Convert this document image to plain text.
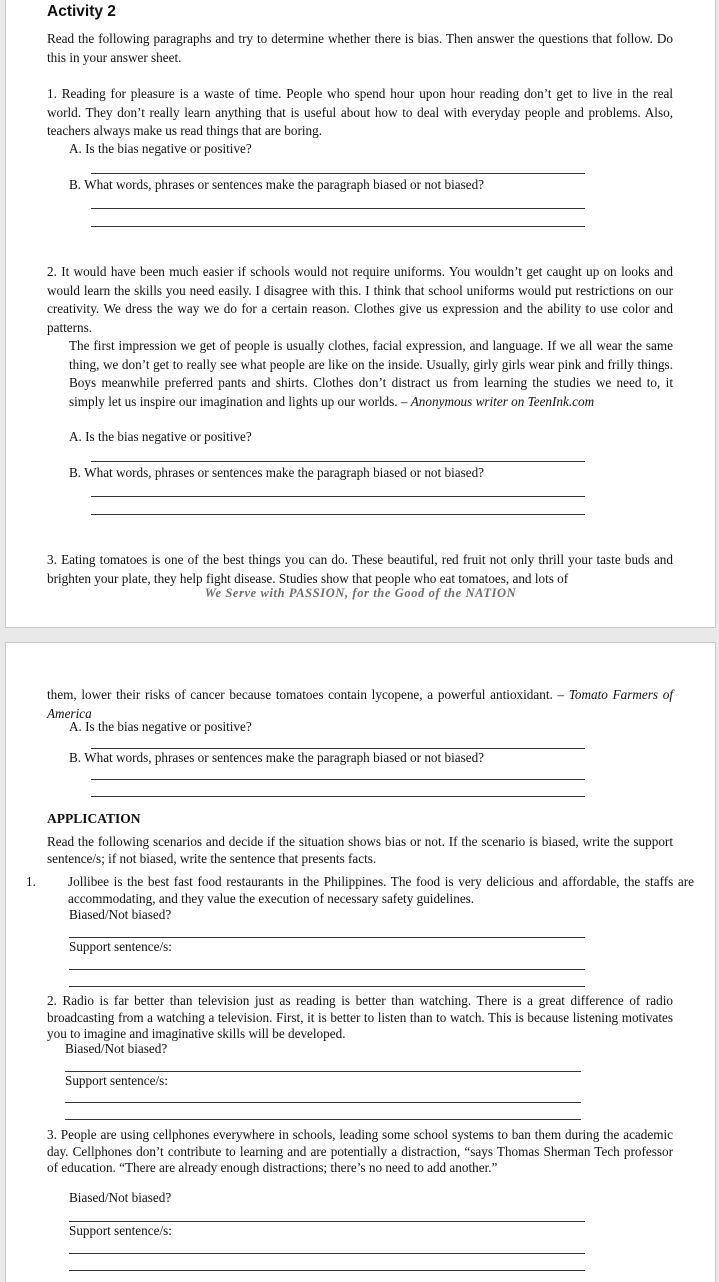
Activity 2
Read the following paragraphs and try to determine whether there is bias. Then answer the questions that follow. Do this in your answer sheet.
1. Reading for pleasure is a waste of time. People who spend hour upon hour reading don’t get to live in the real world. They don’t really learn anything that is useful about how to deal with everyday people and problems. Also, teachers always make us read things that are boring.
A. Is the bias negative or positive?
B. What words, phrases or sentences make the paragraph biased or not biased?
2. It would have been much easier if schools would not require uniforms. You wouldn’t get caught up on looks and would learn the skills you need easily. I disagree with this. I think that school uniforms would put restrictions on our creativity. We dress the way we do for a certain reason. Clothes give us expression and the ability to use color and patterns.
The first impression we get of people is usually clothes, facial expression, and language. If we all wear the same thing, we don’t get to really see what people are like on the inside. Usually, girly girls wear pink and frilly things. Boys meanwhile preferred pants and shirts. Clothes don’t distract us from learning the studies we need to, it simply let us inspire our imagination and lights up our worlds. – Anonymous writer on TeenInk.com
A. Is the bias negative or positive?
B. What words, phrases or sentences make the paragraph biased or not biased?
3. Eating tomatoes is one of the best things you can do. These beautiful, red fruit not only thrill your taste buds and brighten your plate, they help fight disease. Studies show that people who eat tomatoes, and lots of
We Serve with PASSION, for the Good of the NATION
them, lower their risks of cancer because tomatoes contain lycopene, a powerful antioxidant. – Tomato Farmers of America
A. Is the bias negative or positive?
B. What words, phrases or sentences make the paragraph biased or not biased?
APPLICATION
Read the following scenarios and decide if the situation shows bias or not. If the scenario is biased, write the support sentence/s; if not biased, write the sentence that presents facts.
1. Jollibee is the best fast food restaurants in the Philippines. The food is very delicious and affordable, the staffs are accommodating, and they value the execution of necessary safety guidelines.
Biased/Not biased?
Support sentence/s:
2. Radio is far better than television just as reading is better than watching. There is a great difference of radio broadcasting from a watching a television. First, it is better to listen than to watch. This is because listening motivates you to imagine and imaginative skills will be developed.
Biased/Not biased?
Support sentence/s:
3. People are using cellphones everywhere in schools, leading some school systems to ban them during the academic day. Cellphones don’t contribute to learning and are potentially a distraction, “says Thomas Sherman Tech professor of education. “There are already enough distractions; there’s no need to add another.”
Biased/Not biased?
Support sentence/s:
